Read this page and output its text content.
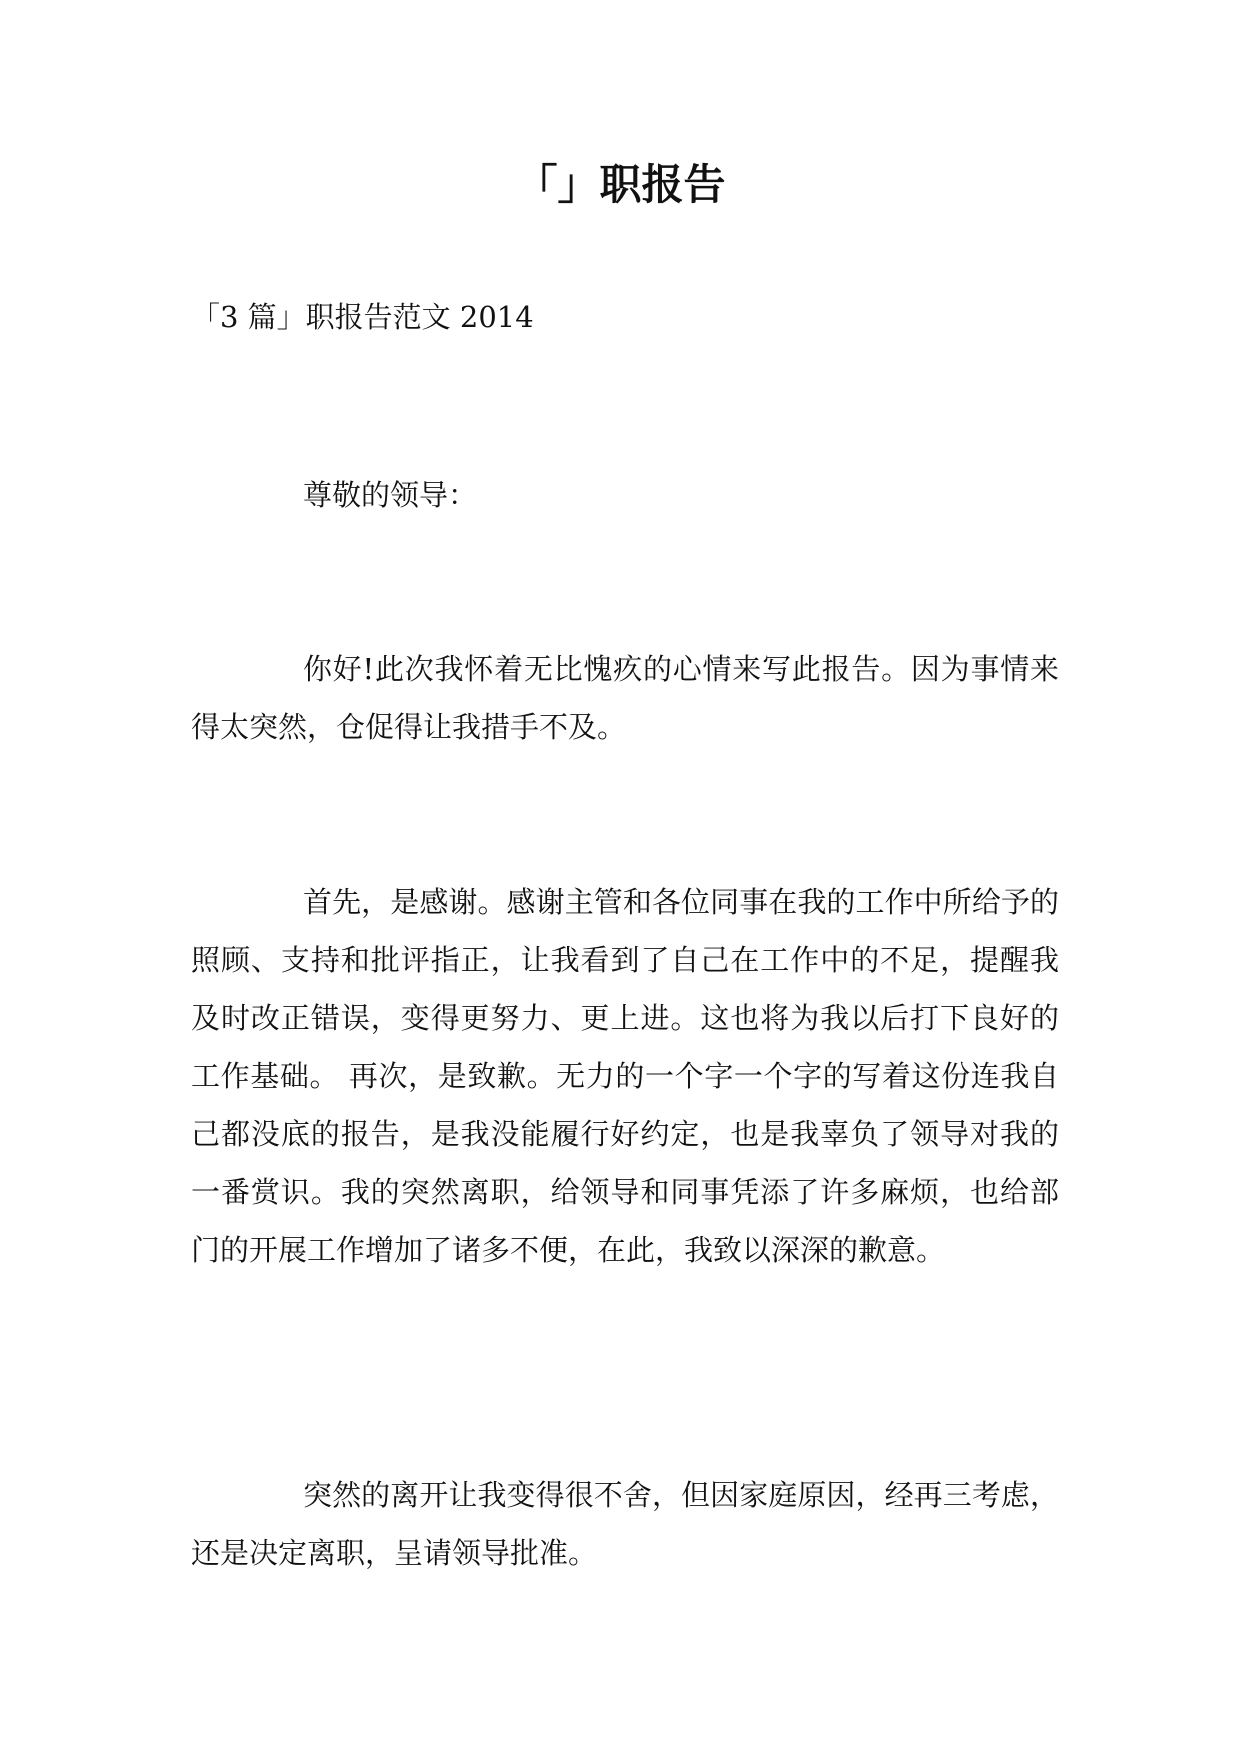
「」职报告

「3 篇」职报告范文 2014

尊敬的领导：

你好!此次我怀着无比愧疚的心情来写此报告。因为事情来得太突然，仓促得让我措手不及。

首先，是感谢。感谢主管和各位同事在我的工作中所给予的照顾、支持和批评指正，让我看到了自己在工作中的不足，提醒我及时改正错误，变得更努力、更上进。这也将为我以后打下良好的工作基础。 再次，是致歉。无力的一个字一个字的写着这份连我自己都没底的报告，是我没能履行好约定，也是我辜负了领导对我的一番赏识。我的突然离职，给领导和同事凭添了许多麻烦，也给部门的开展工作增加了诸多不便，在此，我致以深深的歉意。

突然的离开让我变得很不舍，但因家庭原因，经再三考虑，还是决定离职，呈请领导批准。
